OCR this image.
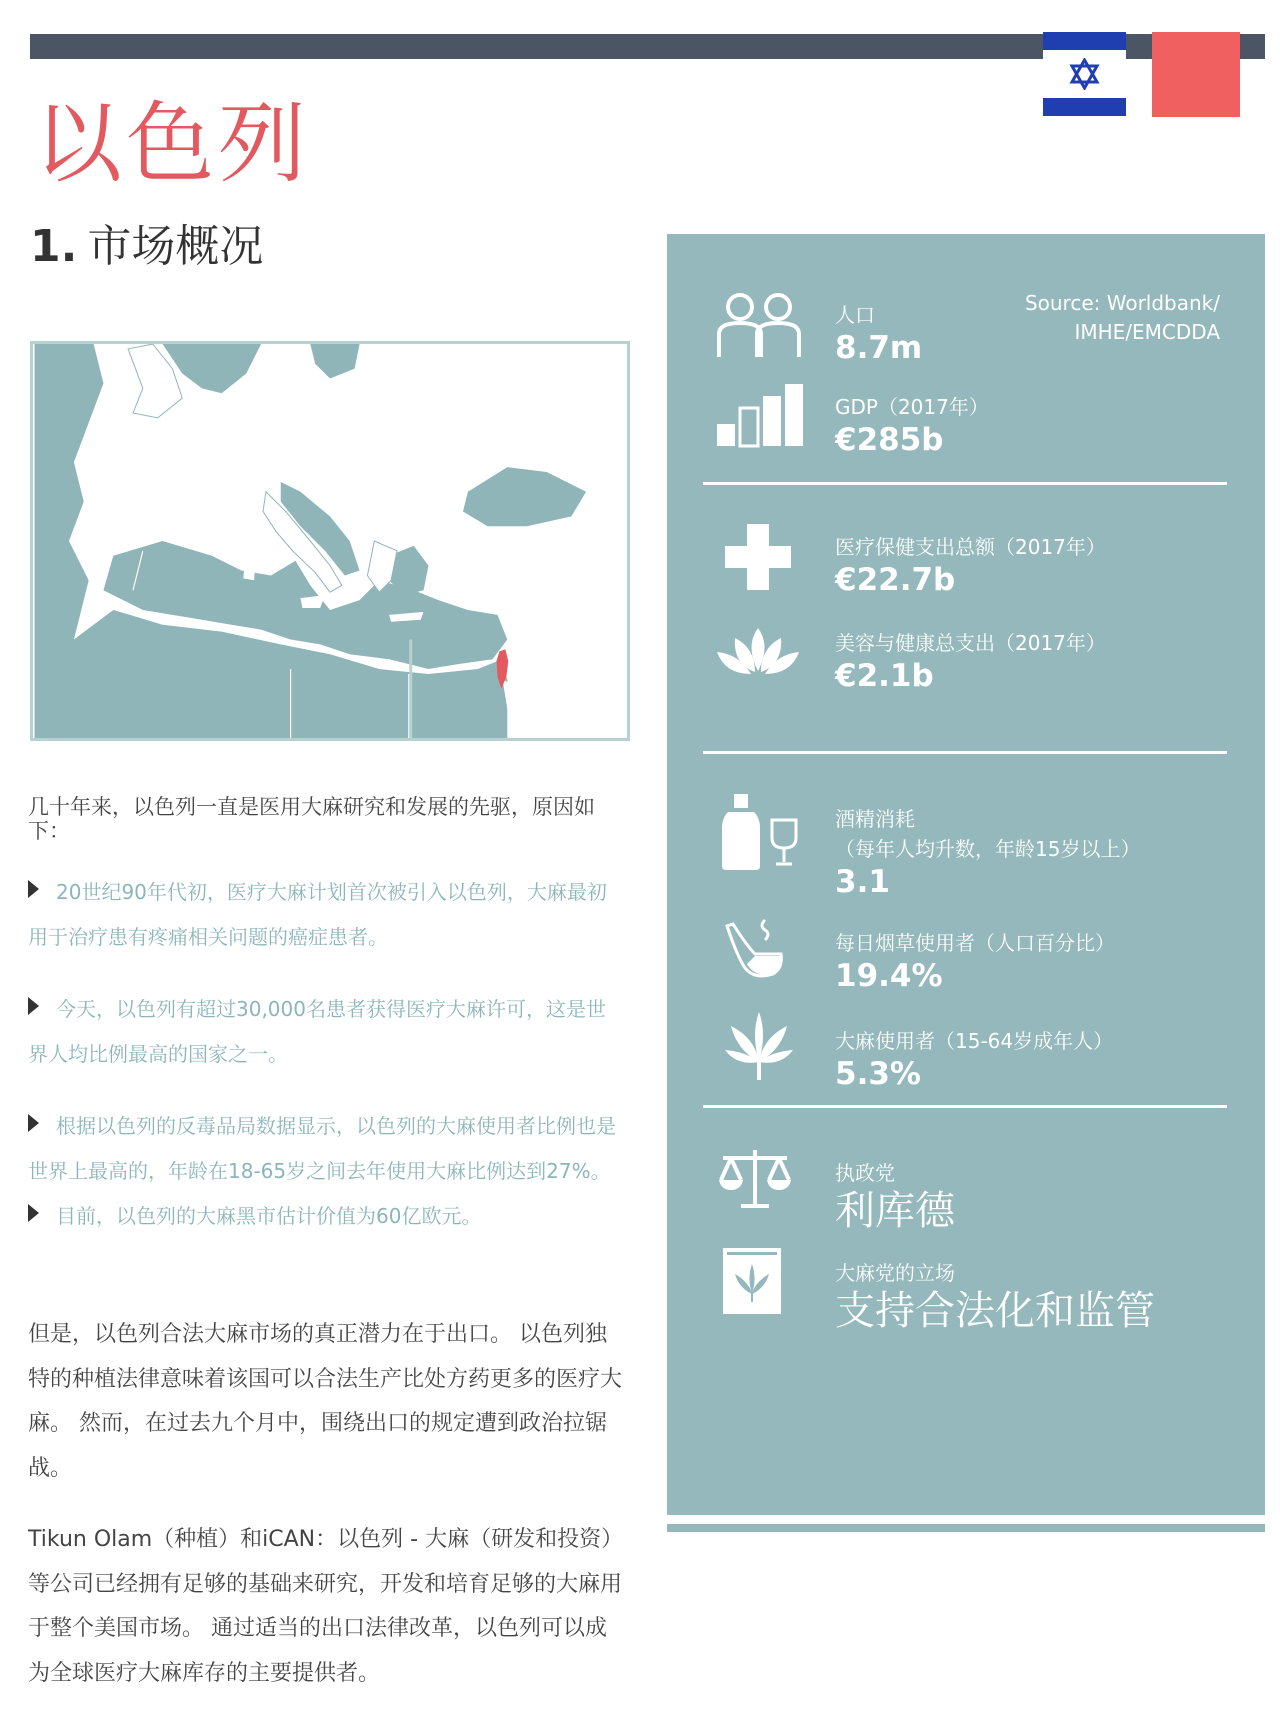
以色列
1. 市场概况
几十年来，以色列一直是医用大麻研究和发展的先驱，原因如下：
20世纪90年代初，医疗大麻计划首次被引入以色列，大麻最初用于治疗患有疼痛相关问题的癌症患者。
今天，以色列有超过30,000名患者获得医疗大麻许可，这是世界人均比例最高的国家之一。
根据以色列的反毒品局数据显示，以色列的大麻使用者比例也是世界上最高的，年龄在18-65岁之间去年使用大麻比例达到27%。
目前，以色列的大麻黑市估计价值为60亿欧元。
但是，以色列合法大麻市场的真正潜力在于出口。 以色列独特的种植法律意味着该国可以合法生产比处方药更多的医疗大麻。 然而，在过去九个月中，围绕出口的规定遭到政治拉锯战。
Tikun Olam（种植）和iCAN：以色列 - 大麻（研发和投资）等公司已经拥有足够的基础来研究，开发和培育足够的大麻用于整个美国市场。 通过适当的出口法律改革，以色列可以成为全球医疗大麻库存的主要提供者。
Source: Worldbank/
IMHE/EMCDDA
人口
8.7m
GDP（2017年）
€285b
医疗保健支出总额（2017年）
€22.7b
美容与健康总支出（2017年）
€2.1b
酒精消耗
（每年人均升数，年龄15岁以上）
3.1
每日烟草使用者（人口百分比）
19.4%
大麻使用者（15-64岁成年人）
5.3%
执政党
利库德
大麻党的立场
支持合法化和监管
